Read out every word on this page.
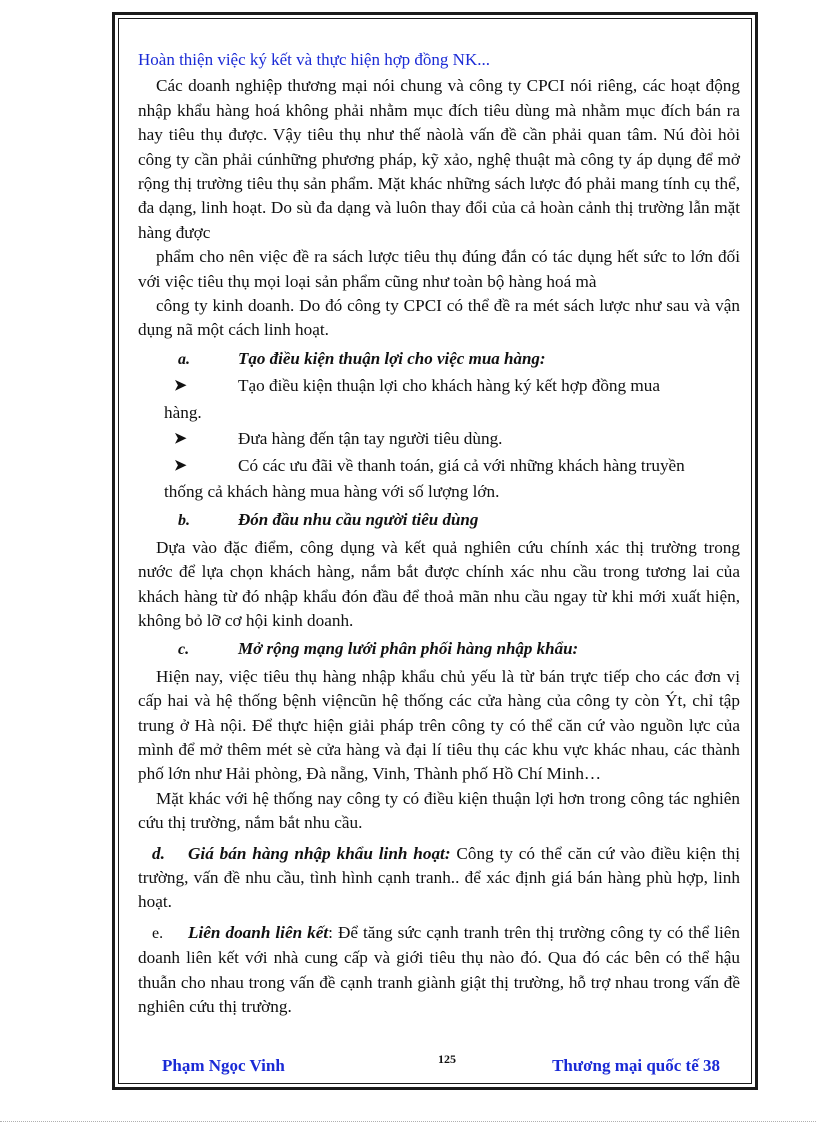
Hoàn thiện việc ký kết và thực hiện hợp đồng NK...

Các doanh nghiệp thương mại nói chung và công ty CPCI nói riêng, các hoạt động nhập khẩu hàng hoá không phải nhằm mục đích tiêu dùng mà nhằm mục đích bán ra hay tiêu thụ được. Vậy tiêu thụ như thế nàolà vấn đề cần phải quan tâm. Nú đòi hỏi công ty cần phải cúnhững phương pháp, kỹ xảo, nghệ thuật mà công ty áp dụng để mở rộng thị trường tiêu thụ sản phẩm. Mặt khác những sách lược đó phải mang tính cụ thể, đa dạng, linh hoạt. Do sù đa dạng và luôn thay đổi của cả hoàn cảnh thị trường lẫn mặt hàng được

phẩm cho nên việc đề ra sách lược tiêu thụ đúng đắn có tác dụng hết sức to lớn đối với việc tiêu thụ mọi loại sản phẩm cũng như toàn bộ hàng hoá mà

công ty kinh doanh. Do đó công ty CPCI có thể đề ra mét sách lược như sau và vận dụng nã một cách linh hoạt.

a.	Tạo điều kiện thuận lợi cho việc mua hàng:
➤	Tạo điều kiện thuận lợi cho khách hàng ký kết hợp đồng mua

hàng.

➤	Đưa hàng đến tận tay người tiêu dùng.
➤	Có các ưu đãi về thanh toán, giá cả với những khách hàng truyền

thống cả khách hàng mua hàng với số lượng lớn.

b.	Đón đầu nhu cầu người tiêu dùng

Dựa vào đặc điểm, công dụng và kết quả nghiên cứu chính xác thị trường trong nước để lựa chọn khách hàng, nắm bắt được chính xác nhu cầu trong tương lai của khách hàng từ đó nhập khẩu đón đầu để thoả mãn nhu cầu ngay từ khi mới xuất hiện, không bỏ lỡ cơ hội kinh doanh.

c.	Mở rộng mạng lưới phân phối hàng nhập khẩu:

Hiện nay, việc tiêu thụ hàng nhập khẩu chủ yếu là từ bán trực tiếp cho các đơn vị cấp hai và hệ thống bệnh việncũn hệ thống các cửa hàng của công ty còn Ýt, chỉ tập trung ở Hà nội. Để thực hiện giải pháp trên công ty có thể căn cứ vào nguồn lực của mình để mở thêm mét sè cửa hàng và đại lí tiêu thụ các khu vực khác nhau, các thành phố lớn như Hải phòng, Đà nẵng, Vinh, Thành phố Hồ Chí Minh…

Mặt khác với hệ thống nay công ty có điều kiện thuận lợi hơn trong công tác nghiên cứu thị trường, nắm bắt nhu cầu.

d. Giá bán hàng nhập khẩu linh hoạt: Công ty có thể căn cứ vào điều kiện thị trường, vấn đề nhu cầu, tình hình cạnh tranh.. để xác định giá bán hàng phù hợp, linh hoạt.

e. Liên doanh liên kết: Để tăng sức cạnh tranh trên thị trường công ty có thể liên doanh liên kết với nhà cung cấp và giới tiêu thụ nào đó. Qua đó các bên có thể hậu thuẫn cho nhau trong vấn đề cạnh tranh giành giật thị trường, hỗ trợ nhau trong vấn đề nghiên cứu thị trường.

Phạm Ngọc Vinh	125	Thương mại quốc tế 38
